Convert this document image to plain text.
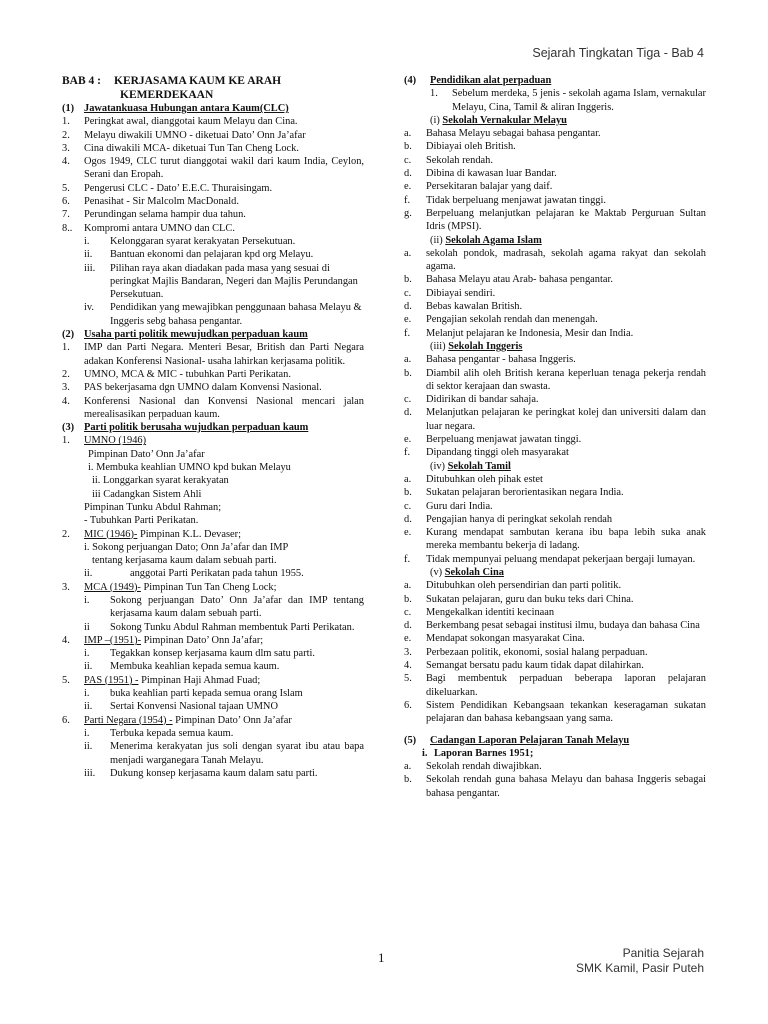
Sejarah Tingkatan Tiga - Bab 4
BAB 4 :	KERJASAMA KAUM KE ARAH
KEMERDEKAAN
(1) Jawatankuasa Hubungan antara Kaum(CLC)
1.	Peringkat awal, dianggotai kaum Melayu dan Cina.
2.	Melayu diwakili UMNO - diketuai Dato’ Onn Ja’afar
3.	Cina diwakili MCA- diketuai Tun Tan Cheng Lock.
4.	Ogos 1949, CLC turut dianggotai wakil dari kaum India, Ceylon, Serani dan Eropah.
5.	Pengerusi CLC - Dato’ E.E.C. Thuraisingam.
6.	Penasihat - Sir Malcolm MacDonald.
7.	Perundingan selama hampir dua tahun.
8..	Kompromi antara UMNO dan CLC.
i.	Kelonggaran syarat kerakyatan Persekutuan.
ii.	Bantuan ekonomi dan pelajaran kpd org Melayu.
iii.	Pilihan raya akan diadakan pada masa yang sesuai di peringkat Majlis Bandaran, Negeri dan Majlis Perundangan Persekutuan.
iv.	Pendidikan yang mewajibkan penggunaan bahasa Melayu & Inggeris sebg bahasa pengantar.
(2) Usaha parti politik mewujudkan perpaduan kaum
1.	IMP dan Parti Negara. Menteri Besar, British dan Parti Negara adakan Konferensi Nasional- usaha lahirkan kerjasama politik.
2.	UMNO, MCA & MIC - tubuhkan Parti Perikatan.
3.	PAS bekerjasama dgn UMNO dalam Konvensi Nasional.
4.	Konferensi Nasional dan Konvensi Nasional mencari jalan merealisasikan perpaduan kaum.
(3) Parti politik berusaha wujudkan perpaduan kaum
1.	UMNO (1946)
Pimpinan Dato’ Onn Ja’afar
i. Membuka keahlian UMNO kpd bukan Melayu
ii. Longgarkan syarat kerakyatan
iii Cadangkan Sistem Ahli
Pimpinan Tunku Abdul Rahman;
- Tubuhkan Parti Perikatan.
2.	MIC (1946)- Pimpinan K.L. Devaser;
i. Sokong perjuangan Dato; Onn Ja’afar dan IMP
tentang kerjasama kaum dalam sebuah parti.
ii.	anggotai Parti Perikatan pada tahun 1955.
3.	MCA (1949)- Pimpinan Tun Tan Cheng Lock;
i.	Sokong perjuangan Dato’ Onn Ja’afar dan IMP tentang kerjasama kaum dalam sebuah parti.
ii	Sokong Tunku Abdul Rahman membentuk Parti Perikatan.
4.	IMP –(1951)- Pimpinan Dato’ Onn Ja’afar;
i.	Tegakkan konsep kerjasama kaum dlm satu parti.
ii.	Membuka keahlian kepada semua kaum.
5.	PAS (1951) - Pimpinan Haji Ahmad Fuad;
i.	buka keahlian parti kepada semua orang Islam
ii.	Sertai Konvensi Nasional tajaan UMNO
6.	Parti Negara (1954) - Pimpinan Dato’ Onn Ja’afar
i.	Terbuka kepada semua kaum.
ii.	Menerima kerakyatan jus soli dengan syarat ibu atau bapa menjadi warganegara Tanah Melayu.
iii.	Dukung konsep kerjasama kaum dalam satu parti.
(4)	Pendidikan alat perpaduan
1.	Sebelum merdeka, 5 jenis - sekolah agama Islam, vernakular Melayu, Cina, Tamil & aliran Inggeris.
(i) Sekolah Vernakular Melayu
a.	Bahasa Melayu sebagai bahasa pengantar.
b.	Dibiayai oleh British.
c.	Sekolah rendah.
d.	Dibina di kawasan luar Bandar.
e.	Persekitaran balajar yang daif.
f.	Tidak berpeluang menjawat jawatan tinggi.
g.	Berpeluang melanjutkan pelajaran ke Maktab Perguruan Sultan Idris (MPSI).
(ii) Sekolah Agama Islam
a.	sekolah pondok, madrasah, sekolah agama rakyat dan sekolah agama.
b.	Bahasa Melayu atau Arab- bahasa pengantar.
c.	Dibiayai sendiri.
d.	Bebas kawalan British.
e.	Pengajian sekolah rendah dan menengah.
f.	Melanjut pelajaran ke Indonesia, Mesir dan India.
(iii) Sekolah Inggeris
a.	Bahasa pengantar - bahasa Inggeris.
b.	Diambil alih oleh British kerana keperluan tenaga pekerja rendah di sektor kerajaan dan swasta.
c.	Didirikan di bandar sahaja.
d.	Melanjutkan pelajaran ke peringkat kolej dan universiti dalam dan luar negara.
e.	Berpeluang menjawat jawatan tinggi.
f.	Dipandang tinggi oleh masyarakat
(iv) Sekolah Tamil
a.	Ditubuhkan oleh pihak estet
b.	Sukatan pelajaran berorientasikan negara India.
c.	Guru dari India.
d.	Pengajian hanya di peringkat sekolah rendah
e.	Kurang mendapat sambutan kerana ibu bapa lebih suka anak mereka membantu bekerja di ladang.
f.	Tidak mempunyai peluang mendapat pekerjaan bergaji lumayan.
(v) Sekolah Cina
a.	Ditubuhkan oleh persendirian dan parti politik.
b.	Sukatan pelajaran, guru dan buku teks dari China.
c.	Mengekalkan identiti kecinaan
d.	Berkembang pesat sebagai institusi ilmu, budaya dan bahasa Cina
e.	Mendapat sokongan masyarakat Cina.
3.	Perbezaan politik, ekonomi, sosial halang perpaduan.
4.	Semangat bersatu padu kaum tidak dapat dilahirkan.
5.	Bagi membentuk perpaduan beberapa laporan pelajaran dikeluarkan.
6.	Sistem Pendidikan Kebangsaan tekankan keseragaman sukatan pelajaran dan bahasa kebangsaan yang sama.
(5)	Cadangan Laporan Pelajaran Tanah Melayu
i. Laporan Barnes 1951;
a.	Sekolah rendah diwajibkan.
b.	Sekolah rendah guna bahasa Melayu dan bahasa Inggeris sebagai bahasa pengantar.
1	Panitia Sejarah
SMK Kamil, Pasir Puteh
